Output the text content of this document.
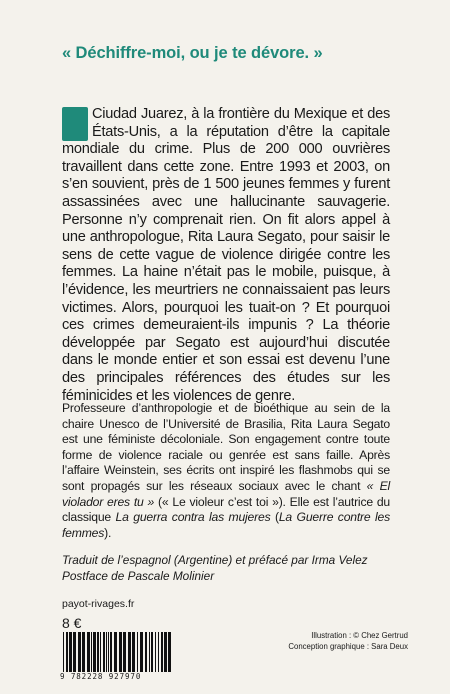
« Déchiffre-moi, ou je te dévore. »
Ciudad Juarez, à la frontière du Mexique et des États-Unis, a la réputation d’être la capitale mondiale du crime. Plus de 200 000 ouvrières travaillent dans cette zone. Entre 1993 et 2003, on s’en souvient, près de 1 500 jeunes femmes y furent assassinées avec une hallucinante sauvagerie. Personne n’y comprenait rien. On fit alors appel à une anthropologue, Rita Laura Segato, pour saisir le sens de cette vague de violence dirigée contre les femmes. La haine n’était pas le mobile, puisque, à l’évidence, les meurtriers ne connaissaient pas leurs victimes. Alors, pourquoi les tuait-on ? Et pourquoi ces crimes demeuraient-ils impunis ? La théorie développée par Segato est aujourd’hui discutée dans le monde entier et son essai est devenu l’une des principales références des études sur les féminicides et les violences de genre.
Professeure d’anthropologie et de bioéthique au sein de la chaire Unesco de l’Université de Brasilia, Rita Laura Segato est une féministe décoloniale. Son engagement contre toute forme de violence raciale ou genrée est sans faille. Après l’affaire Weinstein, ses écrits ont inspiré les flashmobs qui se sont propagés sur les réseaux sociaux avec le chant « El violador eres tu » (« Le violeur c’est toi »). Elle est l’autrice du classique La guerra contra las mujeres (La Guerre contre les femmes).
Traduit de l’espagnol (Argentine) et préfacé par Irma Velez
Postface de Pascale Molinier
payot-rivages.fr
8 €
9 782228 927970
Illustration : © Chez Gertrud
Conception graphique : Sara Deux
